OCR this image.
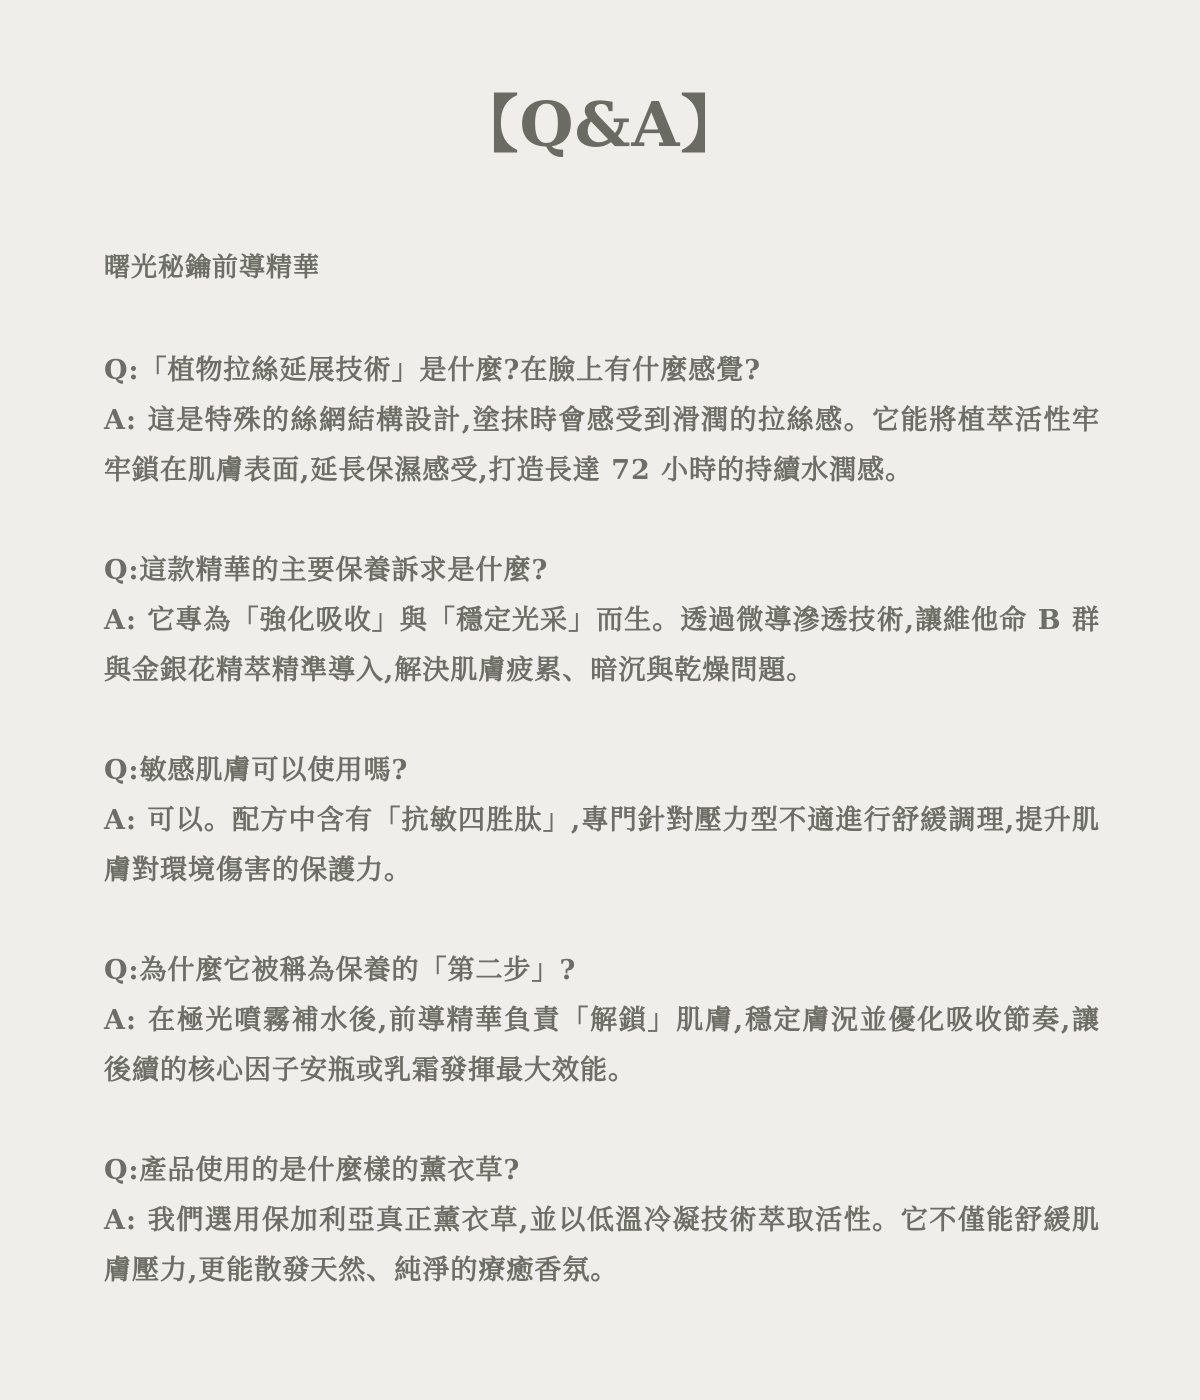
【Q&A】
曙光秘鑰前導精華
Q:「植物拉絲延展技術」是什麼?在臉上有什麼感覺?
A: 這是特殊的絲網結構設計,塗抹時會感受到滑潤的拉絲感。它能將植萃活性牢牢鎖在肌膚表面,延長保濕感受,打造長達 72 小時的持續水潤感。
Q:這款精華的主要保養訴求是什麼?
A: 它專為「強化吸收」與「穩定光采」而生。透過微導滲透技術,讓維他命 B 群與金銀花精萃精準導入,解決肌膚疲累、暗沉與乾燥問題。
Q:敏感肌膚可以使用嗎?
A: 可以。配方中含有「抗敏四胜肽」,專門針對壓力型不適進行舒緩調理,提升肌膚對環境傷害的保護力。
Q:為什麼它被稱為保養的「第二步」?
A: 在極光噴霧補水後,前導精華負責「解鎖」肌膚,穩定膚況並優化吸收節奏,讓後續的核心因子安瓶或乳霜發揮最大效能。
Q:產品使用的是什麼樣的薰衣草?
A: 我們選用保加利亞真正薰衣草,並以低溫冷凝技術萃取活性。它不僅能舒緩肌膚壓力,更能散發天然、純淨的療癒香氛。
